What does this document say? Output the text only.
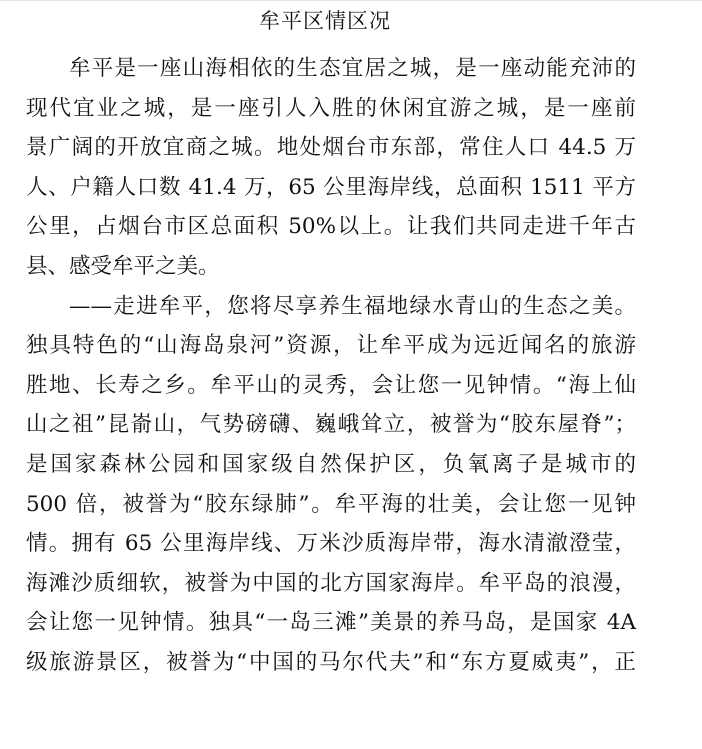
牟平区情区况
牟平是一座山海相依的生态宜居之城，是一座动能充沛的
现代宜业之城，是一座引人入胜的休闲宜游之城，是一座前
景广阔的开放宜商之城。地处烟台市东部，常住人口 44.5 万
人、户籍人口数 41.4 万，65 公里海岸线，总面积 1511 平方
公里，占烟台市区总面积 50%以上。让我们共同走进千年古
县、感受牟平之美。
——走进牟平，您将尽享养生福地绿水青山的生态之美。
独具特色的“山海岛泉河”资源，让牟平成为远近闻名的旅游
胜地、长寿之乡。牟平山的灵秀，会让您一见钟情。“海上仙
山之祖”昆嵛山，气势磅礴、巍峨耸立，被誉为“胶东屋脊”；
是国家森林公园和国家级自然保护区，负氧离子是城市的
500 倍，被誉为“胶东绿肺”。牟平海的壮美，会让您一见钟
情。拥有 65 公里海岸线、万米沙质海岸带，海水清澈澄莹，
海滩沙质细软，被誉为中国的北方国家海岸。牟平岛的浪漫，
会让您一见钟情。独具“一岛三滩”美景的养马岛，是国家 4A
级旅游景区，被誉为“中国的马尔代夫”和“东方夏威夷”，正
